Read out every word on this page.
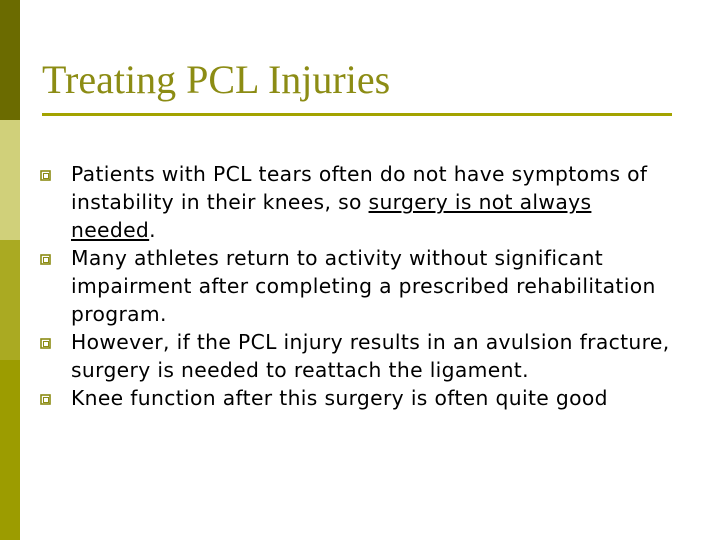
Treating PCL Injuries
Patients with PCL tears often do not have symptoms of instability in their knees, so surgery is not always needed.
Many athletes return to activity without significant impairment after completing a prescribed rehabilitation program.
However, if the PCL injury results in an avulsion fracture, surgery is needed to reattach the ligament.
Knee function after this surgery is often quite good
